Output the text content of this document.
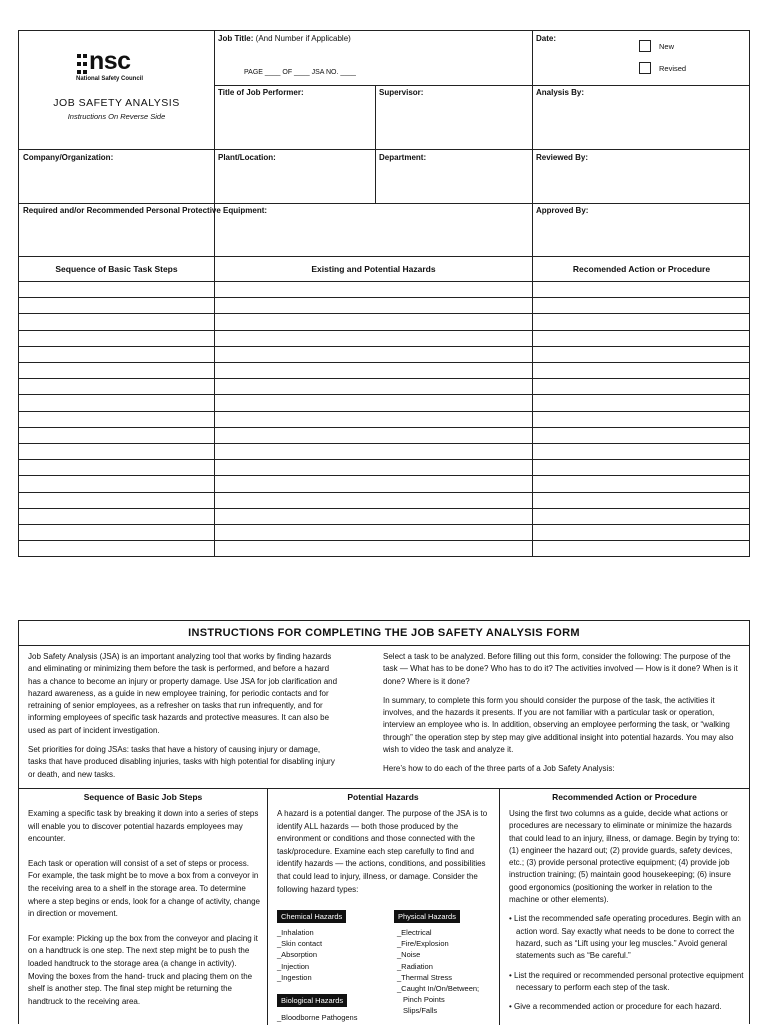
nsc
National Safety Council
JOB SAFETY ANALYSIS
Instructions On Reverse Side
Job Title: (And Number if Applicable)
PAGE ____ OF ____ JSA NO. ____
Date:
New
Revised
Title of Job Performer:	Supervisor:	Analysis By:
Company/Organization:	Plant/Location:	Department:	Reviewed By:
Required and/or Recommended Personal Protective Equipment:	Approved By:
Sequence of Basic Task Steps	Existing and Potential Hazards	Recomended Action or Procedure
INSTRUCTIONS FOR COMPLETING THE JOB SAFETY ANALYSIS FORM

Job Safety Analysis (JSA) is an important analyzing tool that works by finding hazards and eliminating or minimizing them before the task is performed, and before a hazard has a chance to become an injury or property damage. Use JSA for job clarification and hazard awareness, as a guide in new employee training, for periodic contacts and for retraining of senior employees, as a refresher on tasks that run infrequently, and for informing employees of specific task hazards and protective measures. It can also be used as part of incident investigation.

Set priorities for doing JSAs: tasks that have a history of causing injury or damage, tasks that have produced disabling injuries, tasks with high potential for disabling injury or death, and new tasks.

Select a task to be analyzed. Before filling out this form, consider the following: The purpose of the task — What has to be done? Who has to do it? The activities involved — How is it done? When is it done? Where is it done?

In summary, to complete this form you should consider the purpose of the task, the activities it involves, and the hazards it presents. If you are not familiar with a particular task or operation, interview an employee who is. In addition, observing an employee performing the task, or “walking through” the operation step by step may give additional insight into potential hazards. You may also wish to video the task and analyze it.

Here’s how to do each of the three parts of a Job Safety Analysis:

Sequence of Basic Job Steps

Examing a specific task by breaking it down into a series of steps will enable you to discover potential hazards employees may encounter.

Each task or operation will consist of a set of steps or process. For example, the task might be to move a box from a conveyor in the receiving area to a shelf in the storage area. To determine where a step begins or ends, look for a change of activity, change in direction or movement.

For example: Picking up the box from the conveyor and placing it on a handtruck is one step. The next step might be to push the loaded handtruck to the storage area (a change in activity). Moving the boxes from the hand- truck and placing them on the shelf is another step. The final step might be returning the handtruck to the receiving area.

Potential Hazards
A hazard is a potential danger. The purpose of the JSA is to identify ALL hazards — both those produced by the environment or conditions and those connected with the task/procedure. Examine each step carefully to find and identify hazards — the actions, conditions, and possibilities that could lead to injury, illness, or damage. Consider the following hazard types:
Chemical Hazards
_Inhalation
_Skin contact
_Absorption
_Injection
_Ingestion
Biological Hazards
_Bloodborne Pathogens
Physical Hazards
_Electrical
_Fire/Explosion
_Noise
_Radiation
_Thermal Stress
_Caught In/On/Between;
Pinch Points
Slips/Falls
Recommended Action or Procedure

Using the first two columns as a guide, decide what actions or procedures are necessary to eliminate or minimize the hazards that could lead to an injury, illness, or damage. Begin by trying to: (1) engineer the hazard out; (2) provide guards, safety devices, etc.; (3) provide personal protective equipment; (4) provide job instruction training; (5) maintain good housekeeping; (6) insure good ergonomics (positioning the worker in relation to the machine or other elements).

• List the recommended safe operating procedures. Begin with an action word. Say exactly what needs to be done to correct the hazard, such as “Lift using your leg muscles.” Avoid general statements such as “Be careful.”
• List the required or recommended personal protective equipment necessary to perform each step of the task.
• Give a recommended action or procedure for each hazard.
